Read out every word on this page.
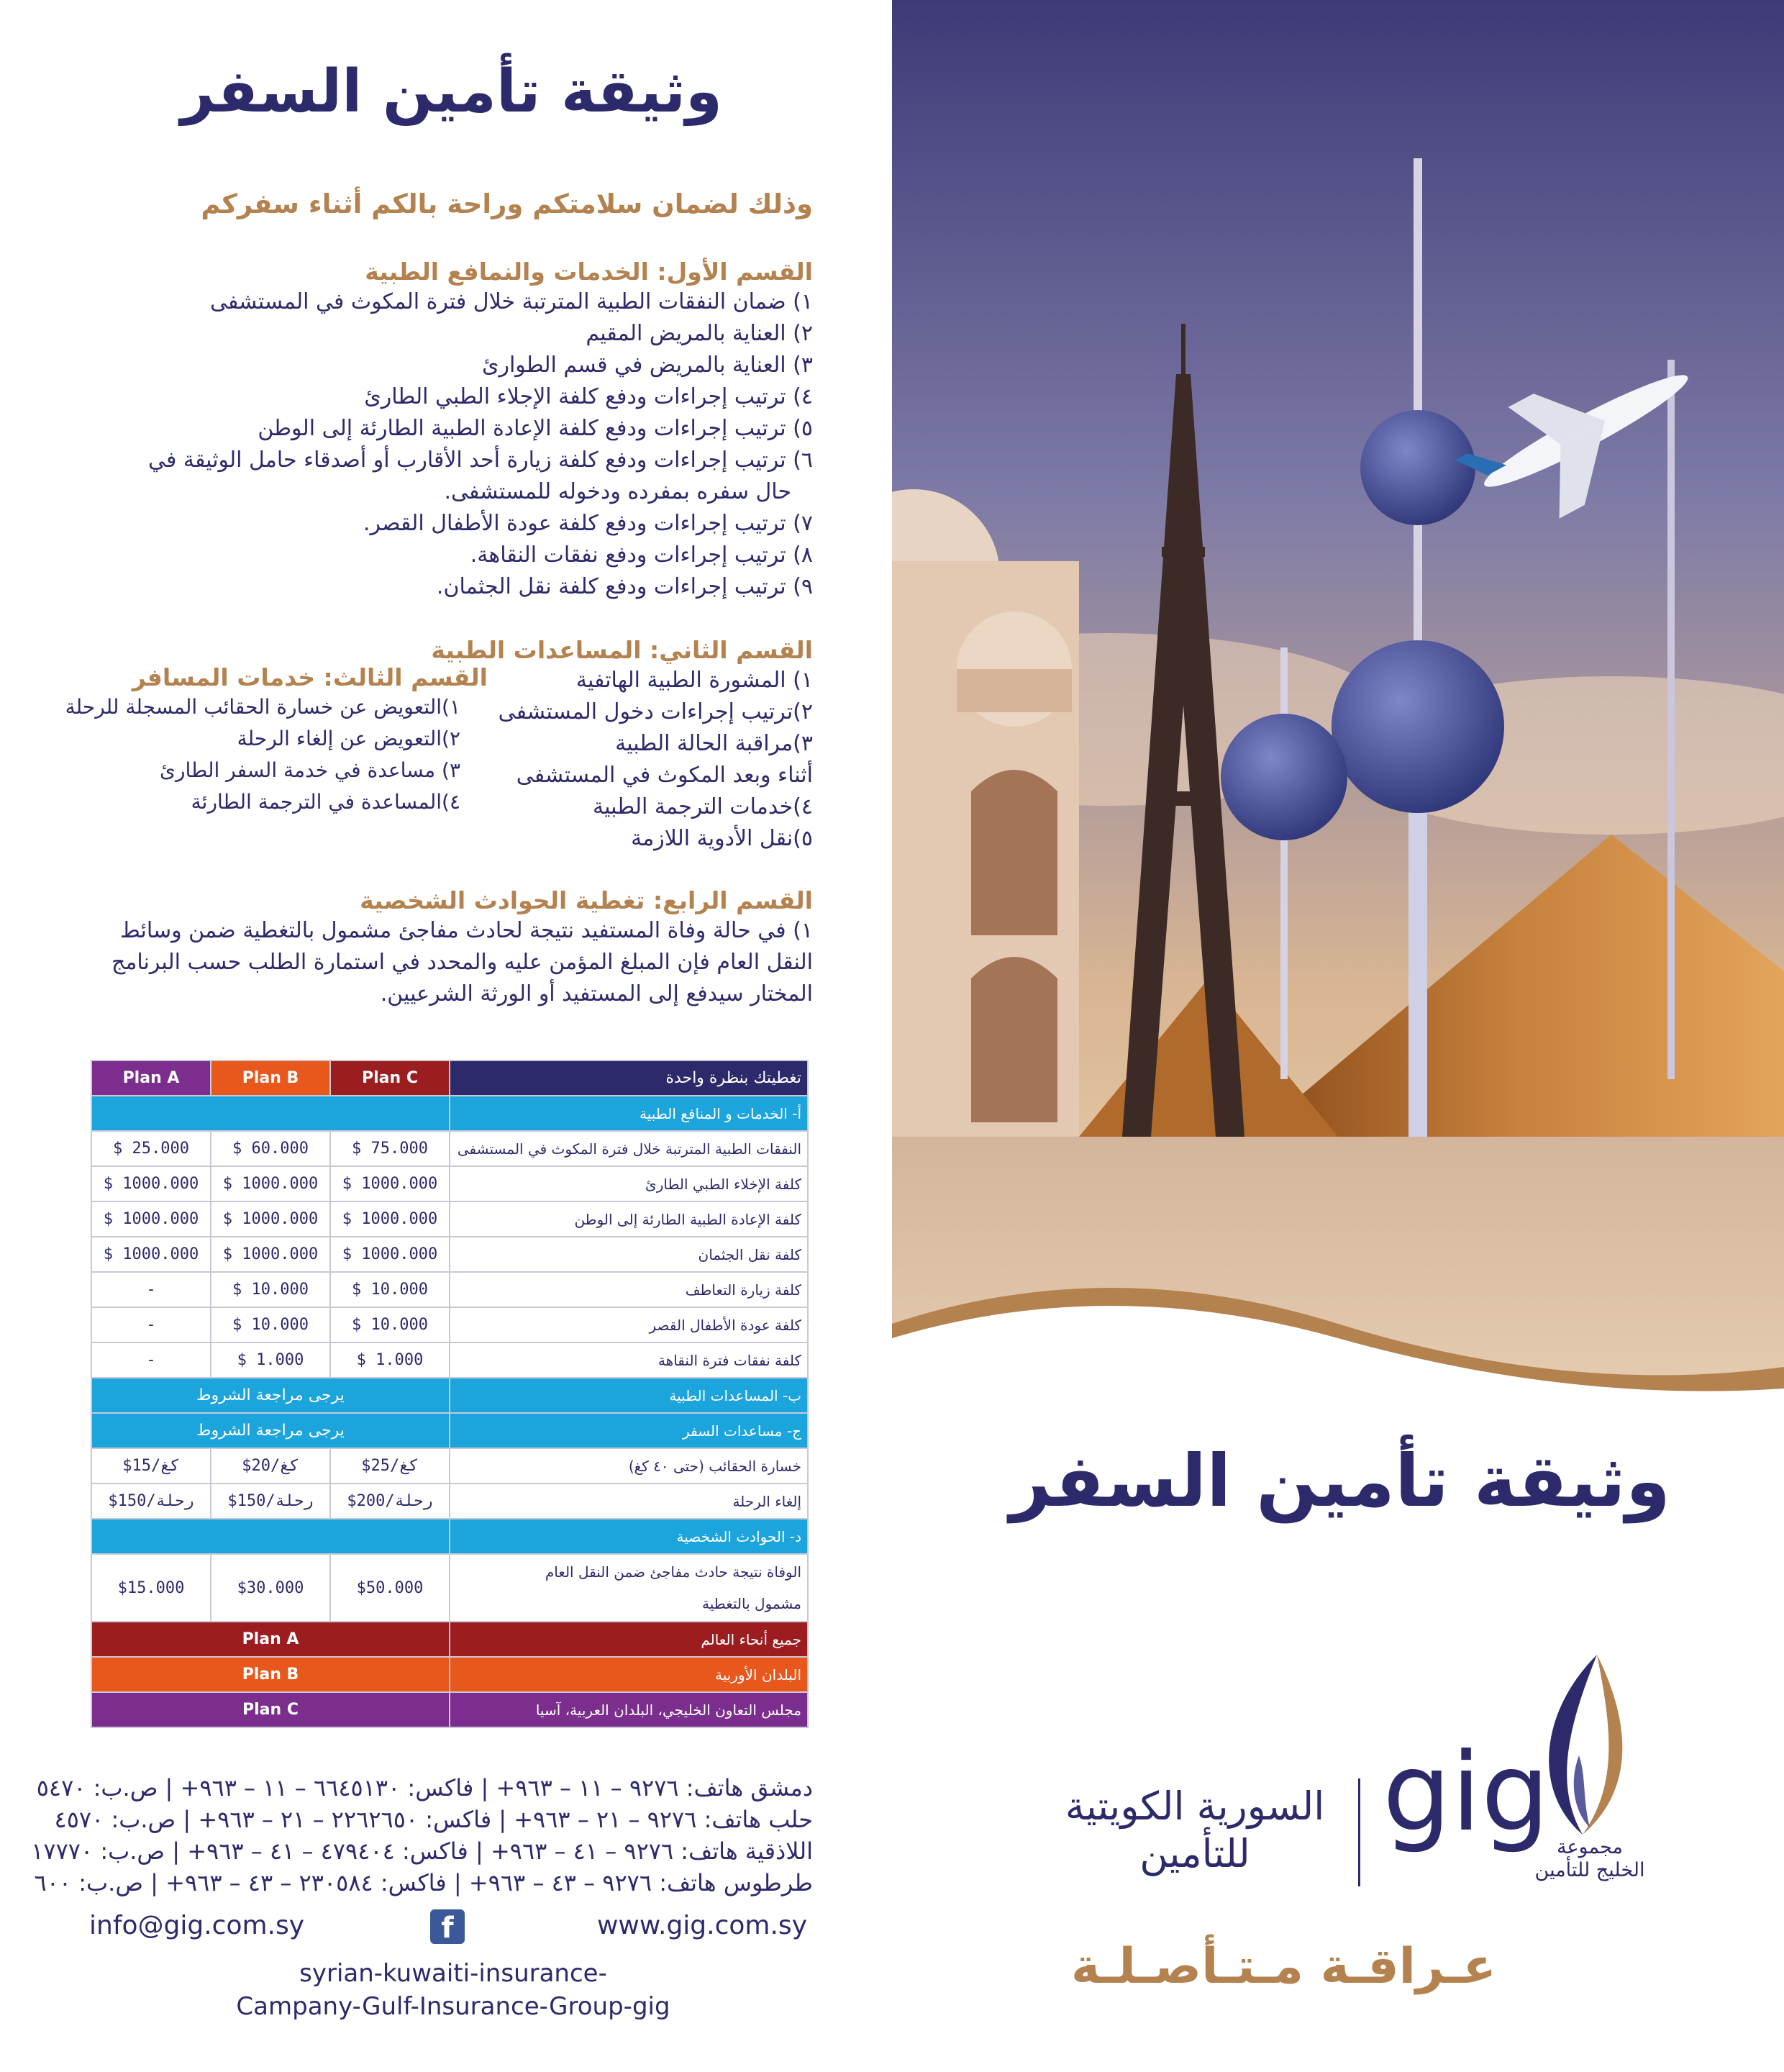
وثيقة تأمين السفر
وذلك لضمان سلامتكم وراحة بالكم أثناء سفركم
القسم الأول: الخدمات والنمافع الطبية
١) ضمان النفقات الطبية المترتبة خلال فترة المكوث في المستشفى
٢) العناية بالمريض المقيم
٣) العناية بالمريض في قسم الطوارئ
٤) ترتيب إجراءات ودفع كلفة الإجلاء الطبي الطارئ
٥) ترتيب إجراءات ودفع كلفة الإعادة الطبية الطارئة إلى الوطن
٦) ترتيب إجراءات ودفع كلفة زيارة أحد الأقارب أو أصدقاء حامل الوثيقة في
حال سفره بمفرده ودخوله للمستشفى.
٧) ترتيب إجراءات ودفع كلفة عودة الأطفال القصر.
٨) ترتيب إجراءات ودفع نفقات النقاهة.
٩) ترتيب إجراءات ودفع كلفة نقل الجثمان.
القسم الثاني: المساعدات الطبية
١) المشورة الطبية الهاتفية
٢)ترتيب إجراءات دخول المستشفى
٣)مراقبة الحالة الطبية
أثناء وبعد المكوث في المستشفى
٤)خدمات الترجمة الطبية
٥)نقل الأدوية اللازمة
القسم الثالث: خدمات المسافر
١)التعويض عن خسارة الحقائب المسجلة للرحلة
٢)التعويض عن إلغاء الرحلة
٣) مساعدة في خدمة السفر الطارئ
٤)المساعدة في الترجمة الطارئة
القسم الرابع: تغطية الحوادث الشخصية
١) في حالة وفاة المستفيد نتيجة لحادث مفاجئ مشمول بالتغطية ضمن وسائط
النقل العام فإن المبلغ المؤمن عليه والمحدد في استمارة الطلب حسب البرنامج
المختار سيدفع إلى المستفيد أو الورثة الشرعيين.
Plan A	Plan B	Plan C	تغطيتك بنظرة واحدة
			أ- الخدمات و المنافع الطبية
$ 25.000	$ 60.000	$ 75.000	النفقات الطبية المترتبة خلال فترة المكوث في المستشفى
$ 1000.000	$ 1000.000	$ 1000.000	كلفة الإخلاء الطبي الطارئ
$ 1000.000	$ 1000.000	$ 1000.000	كلفة الإعادة الطبية الطارئة إلى الوطن
$ 1000.000	$ 1000.000	$ 1000.000	كلفة نقل الجثمان
-	$ 10.000	$ 10.000	كلفة زيارة التعاطف
-	$ 10.000	$ 10.000	كلفة عودة الأطفال القصر
-	$ 1.000	$ 1.000	كلفة نفقات فترة النقاهة
يرجى مراجعة الشروط			ب- المساعدات الطبية
يرجى مراجعة الشروط			ج- مساعدات السفر
$15/كغ	$20/كغ	$25/كغ	خسارة الحقائب (حتى ٤٠ كغ)
$150/رحلة	$150/رحلة	$200/رحلة	إلغاء الرحلة
			د- الحوادث الشخصية
$15.000	$30.000	$50.000	الوفاة نتيجة حادث مفاجئ ضمن النقل العام
مشمول بالتغطية

Plan A			جميع أنحاء العالم
Plan B			البلدان الأوربية
Plan C			مجلس التعاون الخليجي، البلدان العربية، آسيا
دمشق هاتف: ٩٢٧٦ – ١١ – ٩٦٣+ | فاكس: ٦٦٤٥١٣٠ – ١١ – ٩٦٣+ | ص.ب: ٥٤٧٠
حلب هاتف: ٩٢٧٦ – ٢١ – ٩٦٣+ | فاكس: ٢٢٦٢٦٥٠ – ٢١ – ٩٦٣+ | ص.ب: ٤٥٧٠
اللاذقية هاتف: ٩٢٧٦ – ٤١ – ٩٦٣+ | فاكس: ٤٧٩٤٠٤ – ٤١ – ٩٦٣+ | ص.ب: ١٧٧٧٠
طرطوس هاتف: ٩٢٧٦ – ٤٣ – ٩٦٣+ | فاكس: ٢٣٠٥٨٤ – ٤٣ – ٩٦٣+ | ص.ب: ٦٠٠
info@gig.com.sy	f	www.gig.com.sy
syrian-kuwaiti-insurance-
Campany-Gulf-Insurance-Group-gig
وثيقة تأمين السفر
مجموعة
الخليج للتأمين
gig
السورية الكويتية
للتأمين
عـراقـة مـتـأصـلـة
